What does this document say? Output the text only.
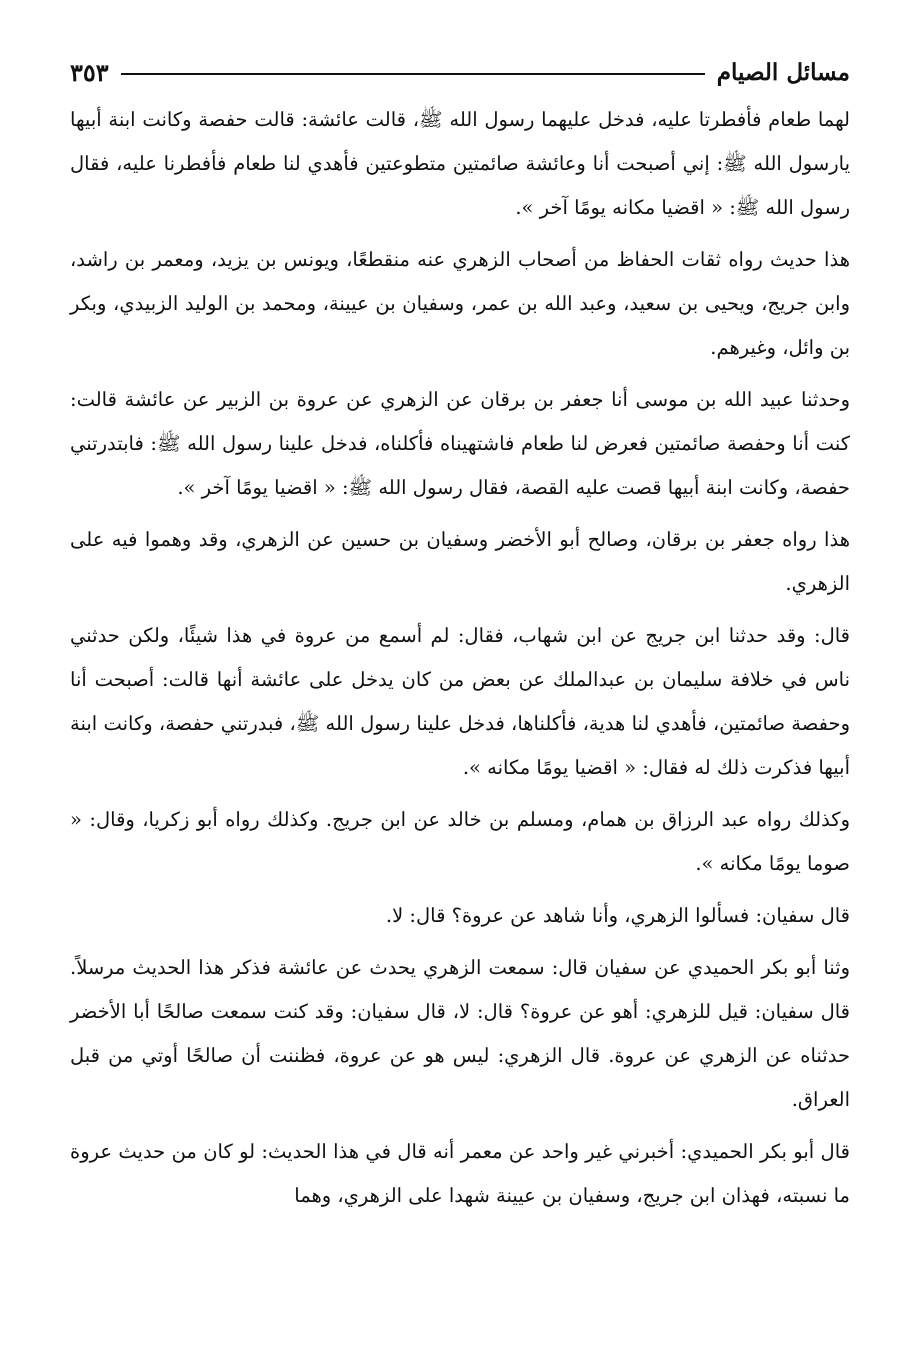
مسائل الصيام
٣٥٣

لهما طعام فأفطرتا عليه، فدخل عليهما رسول الله ﷺ، قالت عائشة: قالت حفصة وكانت ابنة أبيها يارسول الله ﷺ: إني أصبحت أنا وعائشة صائمتين متطوعتين فأهدي لنا طعام فأفطرنا عليه، فقال رسول الله ﷺ: « اقضيا مكانه يومًا آخر ».

هذا حديث رواه ثقات الحفاظ من أصحاب الزهري عنه منقطعًا، ويونس بن يزيد، ومعمر بن راشد، وابن جريج، ويحيى بن سعيد، وعبد الله بن عمر، وسفيان بن عيينة، ومحمد بن الوليد الزبيدي، وبكر بن وائل، وغيرهم.

وحدثنا عبيد الله بن موسى أنا جعفر بن برقان عن الزهري عن عروة بن الزبير عن عائشة قالت: كنت أنا وحفصة صائمتين فعرض لنا طعام فاشتهيناه فأكلناه، فدخل علينا رسول الله ﷺ: فابتدرتني حفصة، وكانت ابنة أبيها قصت عليه القصة، فقال رسول الله ﷺ: « اقضيا يومًا آخر ».

هذا رواه جعفر بن برقان، وصالح أبو الأخضر وسفيان بن حسين عن الزهري، وقد وهموا فيه على الزهري.

قال: وقد حدثنا ابن جريج عن ابن شهاب، فقال: لم أسمع من عروة في هذا شيئًا، ولكن حدثني ناس في خلافة سليمان بن عبدالملك عن بعض من كان يدخل على عائشة أنها قالت: أصبحت أنا وحفصة صائمتين، فأهدي لنا هدية، فأكلناها، فدخل علينا رسول الله ﷺ، فبدرتني حفصة، وكانت ابنة أبيها فذكرت ذلك له فقال: « اقضيا يومًا مكانه ».

وكذلك رواه عبد الرزاق بن همام، ومسلم بن خالد عن ابن جريج. وكذلك رواه أبو زكريا، وقال: « صوما يومًا مكانه ».

قال سفيان: فسألوا الزهري، وأنا شاهد عن عروة؟ قال: لا.

وثنا أبو بكر الحميدي عن سفيان قال: سمعت الزهري يحدث عن عائشة فذكر هذا الحديث مرسلاً. قال سفيان: قيل للزهري: أهو عن عروة؟ قال: لا، قال سفيان: وقد كنت سمعت صالحًا أبا الأخضر حدثناه عن الزهري عن عروة. قال الزهري: ليس هو عن عروة، فظننت أن صالحًا أوتي من قبل العراق.

قال أبو بكر الحميدي: أخبرني غير واحد عن معمر أنه قال في هذا الحديث: لو كان من حديث عروة ما نسبته، فهذان ابن جريج، وسفيان بن عيينة شهدا على الزهري، وهما
